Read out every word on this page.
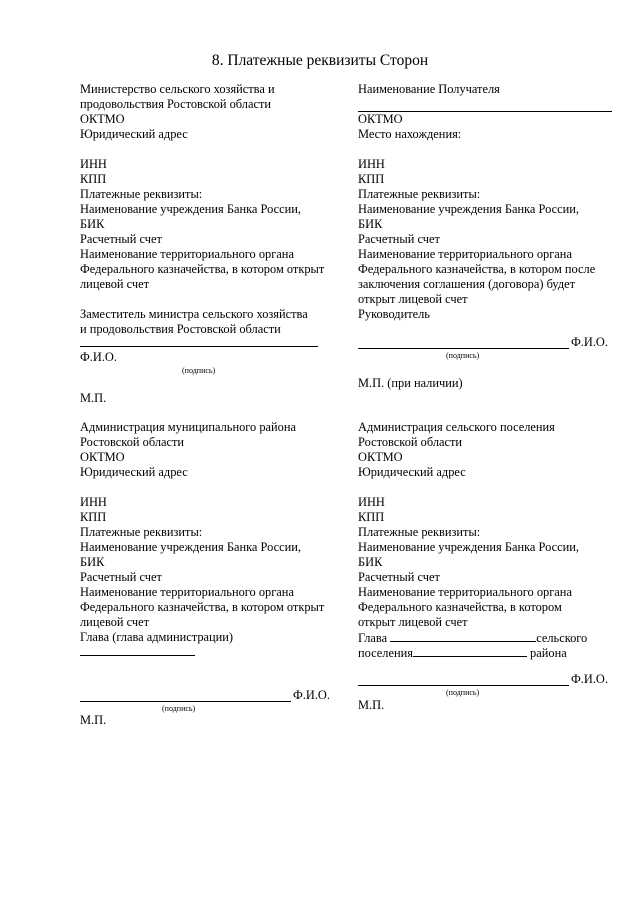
8. Платежные реквизиты Сторон
Министерство сельского хозяйства и
продовольствия Ростовской области
ОКТМО
Юридический адрес
ИНН
КПП
Платежные реквизиты:
Наименование учреждения Банка России,
БИК
Расчетный счет
Наименование территориального органа
Федерального казначейства, в котором открыт
лицевой счет
Заместитель министра сельского хозяйства
и продовольствия Ростовской области
Ф.И.О.
(подпись)
М.П.
Наименование Получателя
ОКТМО
Место нахождения:
ИНН
КПП
Платежные реквизиты:
Наименование учреждения Банка России,
БИК
Расчетный счет
Наименование территориального органа
Федерального казначейства, в котором после
заключения соглашения (договора) будет
открыт лицевой счет
Руководитель
Ф.И.О.
(подпись)
М.П. (при наличии)
Администрация муниципального района
Ростовской области
ОКТМО
Юридический адрес
ИНН
КПП
Платежные реквизиты:
Наименование учреждения Банка России,
БИК
Расчетный счет
Наименование территориального органа
Федерального казначейства, в котором открыт
лицевой счет
Глава (глава администрации)
Ф.И.О.
(подпись)
М.П.
Администрация сельского поселения
Ростовской области
ОКТМО
Юридический адрес
ИНН
КПП
Платежные реквизиты:
Наименование учреждения Банка России,
БИК
Расчетный счет
Наименование территориального органа
Федерального казначейства, в котором
открыт лицевой счет
Глава	сельского
поселения	района
Ф.И.О.
(подпись)
М.П.
